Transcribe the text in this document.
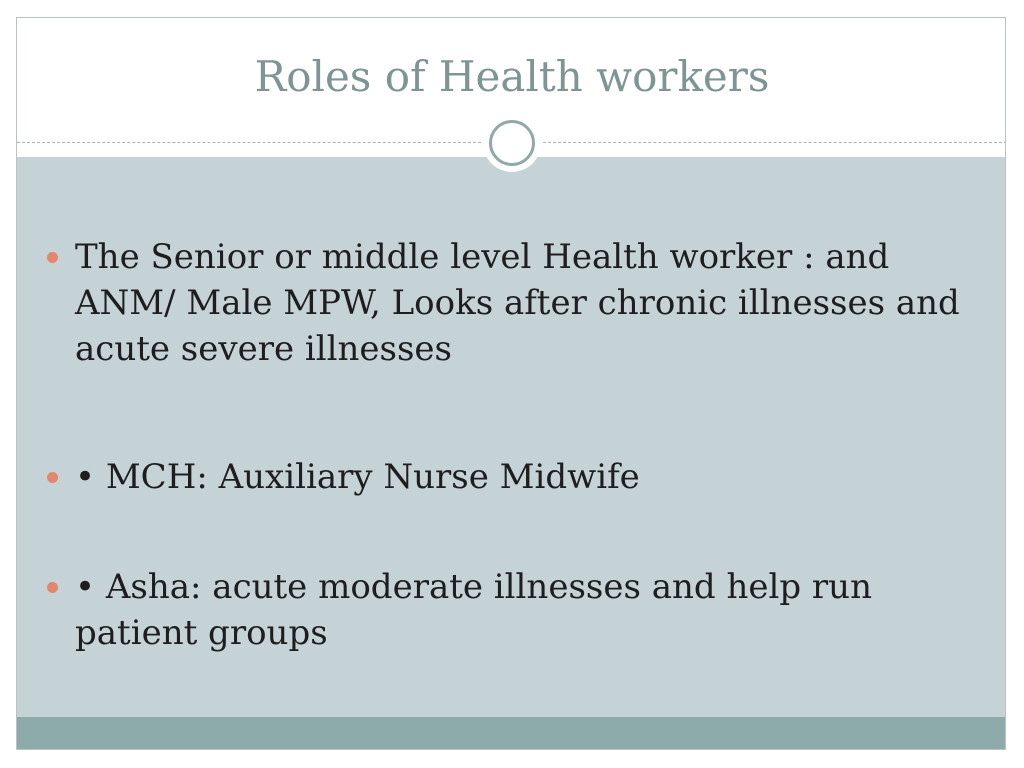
Roles of Health workers

The Senior or middle level Health worker : and ANM/ Male MPW, Looks after chronic illnesses and acute severe illnesses

• MCH: Auxiliary Nurse Midwife

• Asha: acute moderate illnesses and help run patient groups
